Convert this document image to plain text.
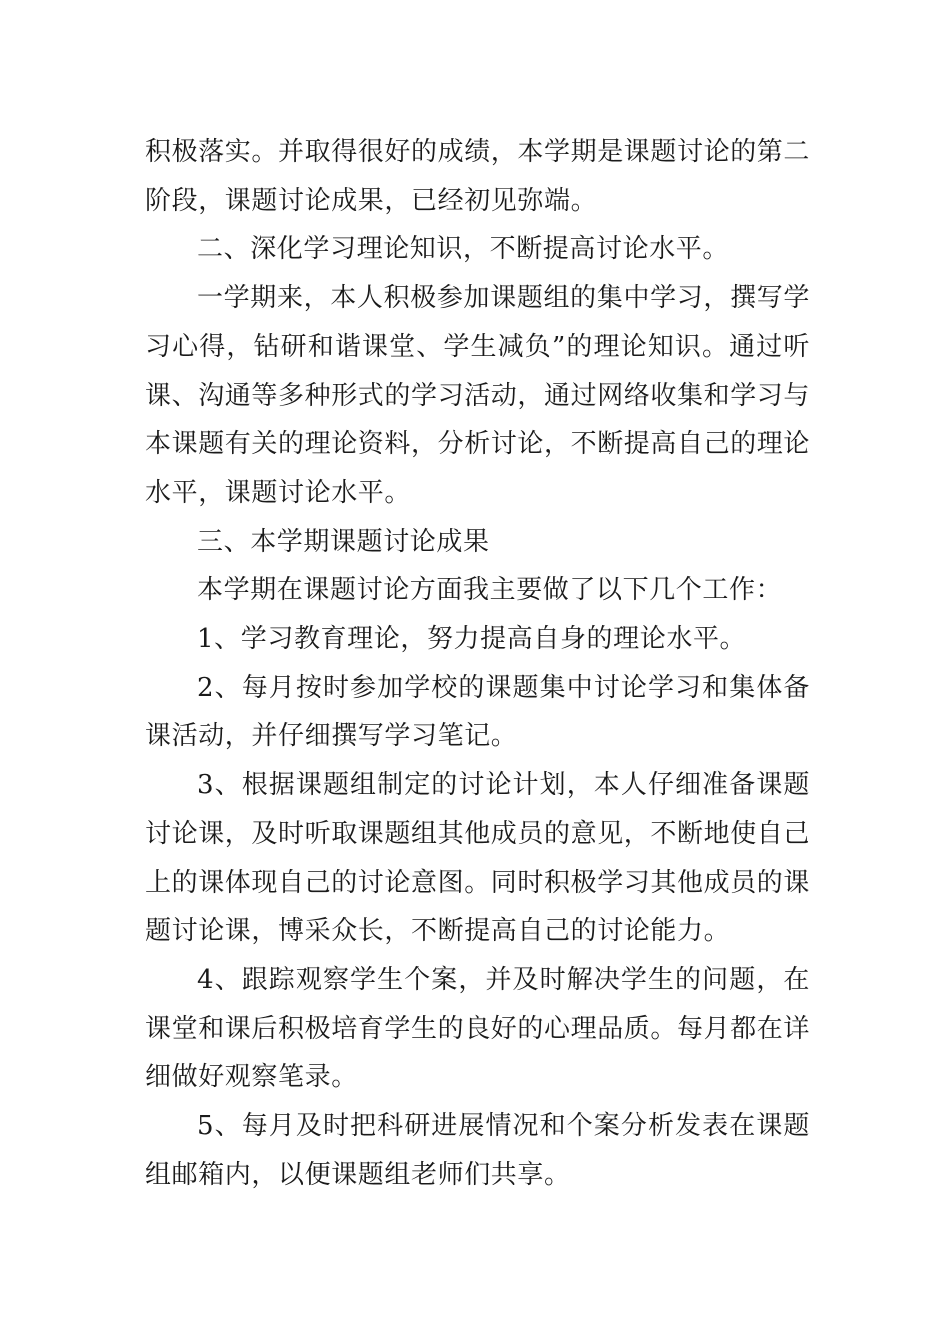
积极落实。并取得很好的成绩，本学期是课题讨论的第二阶段，课题讨论成果，已经初见弥端。

二、深化学习理论知识，不断提高讨论水平。

一学期来，本人积极参加课题组的集中学习，撰写学习心得，钻研和谐课堂、学生减负”的理论知识。通过听课、沟通等多种形式的学习活动，通过网络收集和学习与本课题有关的理论资料，分析讨论，不断提高自己的理论水平，课题讨论水平。

三、本学期课题讨论成果

本学期在课题讨论方面我主要做了以下几个工作：

1、学习教育理论，努力提高自身的理论水平。

2、每月按时参加学校的课题集中讨论学习和集体备课活动，并仔细撰写学习笔记。

3、根据课题组制定的讨论计划，本人仔细准备课题讨论课，及时听取课题组其他成员的意见，不断地使自己上的课体现自己的讨论意图。同时积极学习其他成员的课题讨论课，博采众长，不断提高自己的讨论能力。

4、跟踪观察学生个案，并及时解决学生的问题，在课堂和课后积极培育学生的良好的心理品质。每月都在详细做好观察笔录。

5、每月及时把科研进展情况和个案分析发表在课题组邮箱内，以便课题组老师们共享。
